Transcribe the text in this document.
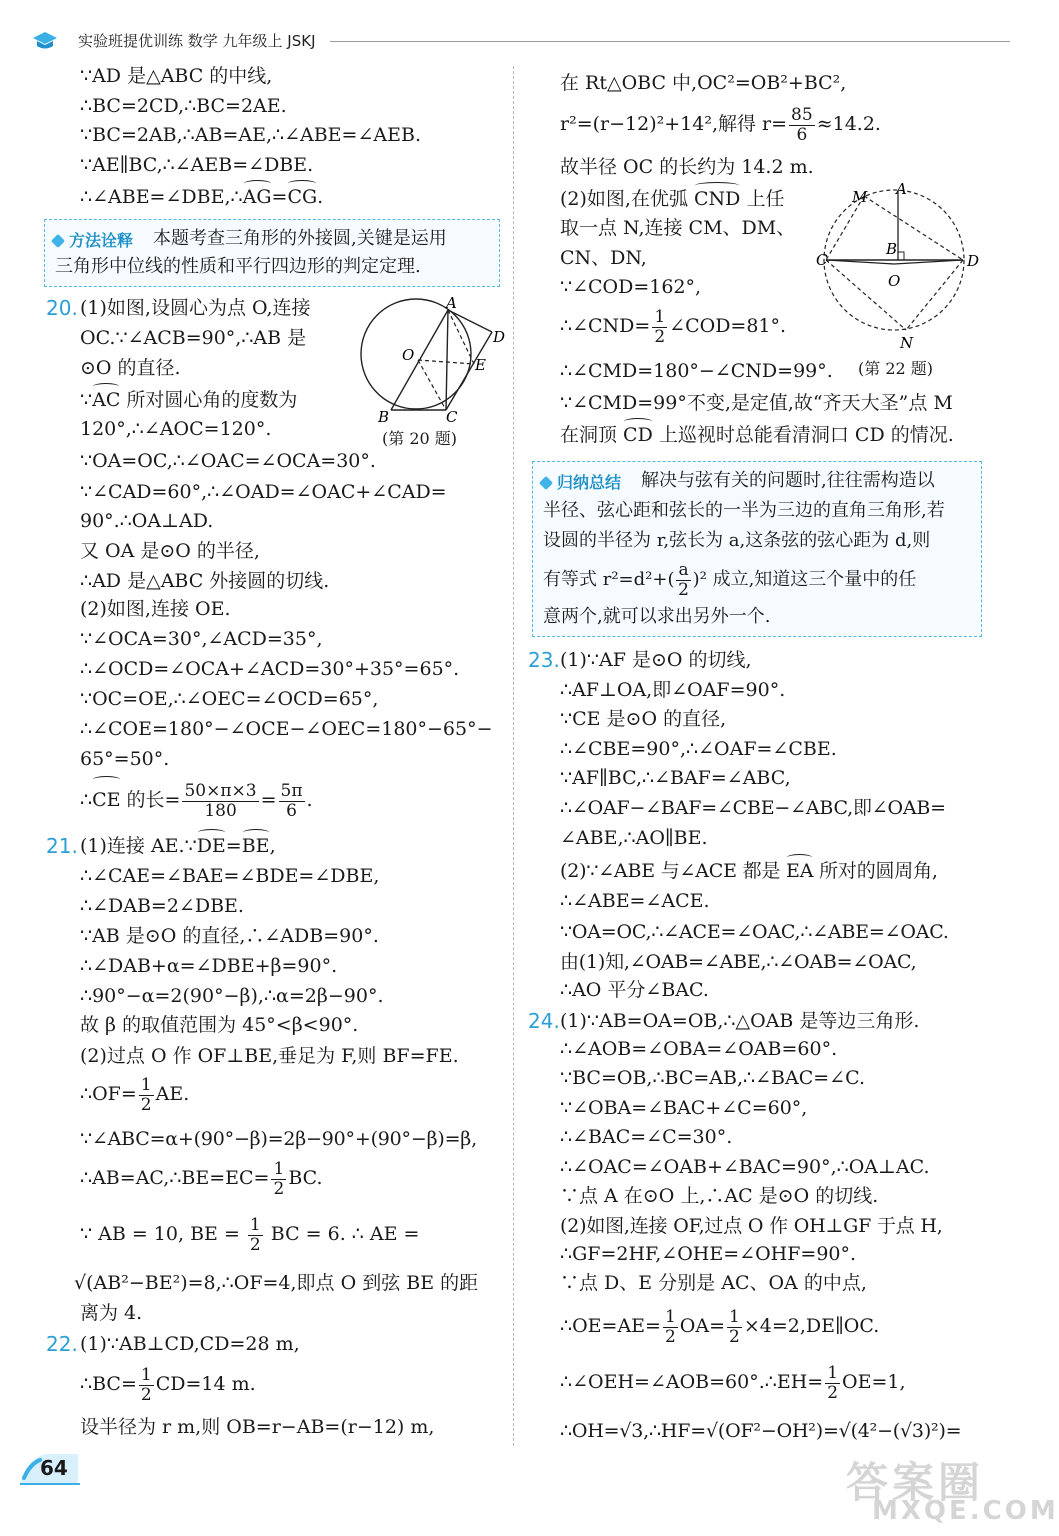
实验班提优训练 数学 九年级上 JSKJ
∵AD 是△ABC 的中线,
∴BC=2CD,∴BC=2AE.
∵BC=2AB,∴AB=AE,∴∠ABE=∠AEB.
∵AE∥BC,∴∠AEB=∠DBE.
∴∠ABE=∠DBE,∴AG=CG.
方法诠释 本题考查三角形的外接圆,关键是运用
三角形中位线的性质和平行四边形的判定定理.
20. (1)如图,设圆心为点 O,连接
OC.∵∠ACB=90°,∴AB 是
⊙O 的直径.
∵AC 所对圆心角的度数为
120°,∴∠AOC=120°.
∵OA=OC,∴∠OAC=∠OCA=30°.
∵∠CAD=60°,∴∠OAD=∠OAC+∠CAD=
90°.∴OA⊥AD.
又 OA 是⊙O 的半径,
∴AD 是△ABC 外接圆的切线.
(2)如图,连接 OE.
∵∠OCA=30°,∠ACD=35°,
∴∠OCD=∠OCA+∠ACD=30°+35°=65°.
∵OC=OE,∴∠OEC=∠OCD=65°,
∴∠COE=180°−∠OCE−∠OEC=180°−65°−
65°=50°.
∴CE 的长= $\frac{50\times\pi\times 3}{180} = \frac{5\pi}{6}$ .
A
D
O
E
B	C
(第 20 题)
21. (1)连接 AE.∵DE=BE,
∴∠CAE=∠BAE=∠BDE=∠DBE,
∴∠DAB=2∠DBE.
∵AB 是⊙O 的直径,∴∠ADB=90°.
∴∠DAB+α=∠DBE+β=90°.
∴90°−α=2(90°−β),∴α=2β−90°.
故 β 的取值范围为 45°<β<90°.
(2)过点 O 作 OF⊥BE,垂足为 F,则 BF=FE.
∴OF= $\frac{1}{2}$ AE.
∵∠ABC=α+(90°−β)=2β−90°+(90°−β)=β,
∴AB=AC,∴BE=EC= $\frac{1}{2}$ BC.
∵ AB = 10, BE = $\frac{1}{2}$ BC = 6. ∴ AE =
√(AB²−BE²)=8,∴OF=4,即点 O 到弦 BE 的距
离为 4.
22. (1)∵AB⊥CD,CD=28 m,
∴BC= $\frac{1}{2} CD=14$ m.
设半径为 r m,则 OB=r−AB=(r−12) m,
在 Rt△OBC 中,OC²=OB²+BC²,
r²=(r−12)²+14²,解得 $r= \frac{85}{6} \approx 14.2$.
故半径 OC 的长约为 14.2 m.
(2)如图,在优弧 CND 上任
取一点 N,连接 CM、DM、
CN、DN,
∵∠COD=162°,
∴∠CND= $\frac{1}{2}$ ∠COD=81°.
∴∠CMD=180°−∠CND=99°.
∵∠CMD=99°不变,是定值,故“齐天大圣”点 M
在洞顶 CD 上巡视时总能看清洞口 CD 的情况.
M A
B
C	D
O
N
(第 22 题)
归纳总结 解决与弦有关的问题时,往往需构造以
半径、弦心距和弦长的一半为三边的直角三角形,若
设圆的半径为 r,弦长为 a,这条弦的弦心距为 d,则
有等式 $r^2=d^2+( \frac{a}{2} )^2$ 成立,知道这三个量中的任
意两个,就可以求出另外一个.
23. (1)∵AF 是⊙O 的切线,
∴AF⊥OA,即∠OAF=90°.
∵CE 是⊙O 的直径,
∴∠CBE=90°,∴∠OAF=∠CBE.
∵AF∥BC,∴∠BAF=∠ABC,
∴∠OAF−∠BAF=∠CBE−∠ABC,即∠OAB=
∠ABE,∴AO∥BE.
(2)∵∠ABE 与∠ACE 都是 EA 所对的圆周角,
∴∠ABE=∠ACE.
∵OA=OC,∴∠ACE=∠OAC,∴∠ABE=∠OAC.
由(1)知,∠OAB=∠ABE,∴∠OAB=∠OAC,
∴AO 平分∠BAC.
24. (1)∵AB=OA=OB,∴△OAB 是等边三角形.
∴∠AOB=∠OBA=∠OAB=60°.
∵BC=OB,∴BC=AB,∴∠BAC=∠C.
∵∠OBA=∠BAC+∠C=60°,
∴∠BAC=∠C=30°.
∴∠OAC=∠OAB+∠BAC=90°,∴OA⊥AC.
∵点 A 在⊙O 上,∴AC 是⊙O 的切线.
(2)如图,连接 OF,过点 O 作 OH⊥GF 于点 H,
∴GF=2HF,∠OHE=∠OHF=90°.
∵点 D、E 分别是 AC、OA 的中点,
∴OE=AE= $\frac{1}{2} OA= \frac{1}{2}$ ×4=2,DE∥OC.
∴∠OEH=∠AOB=60°.∴EH= $\frac{1}{2} OE=1$,
∴OH=√3,∴HF=√(OF²−OH²)=√(4²−(√3)²)=
64	答案圈
MXQE.COM
